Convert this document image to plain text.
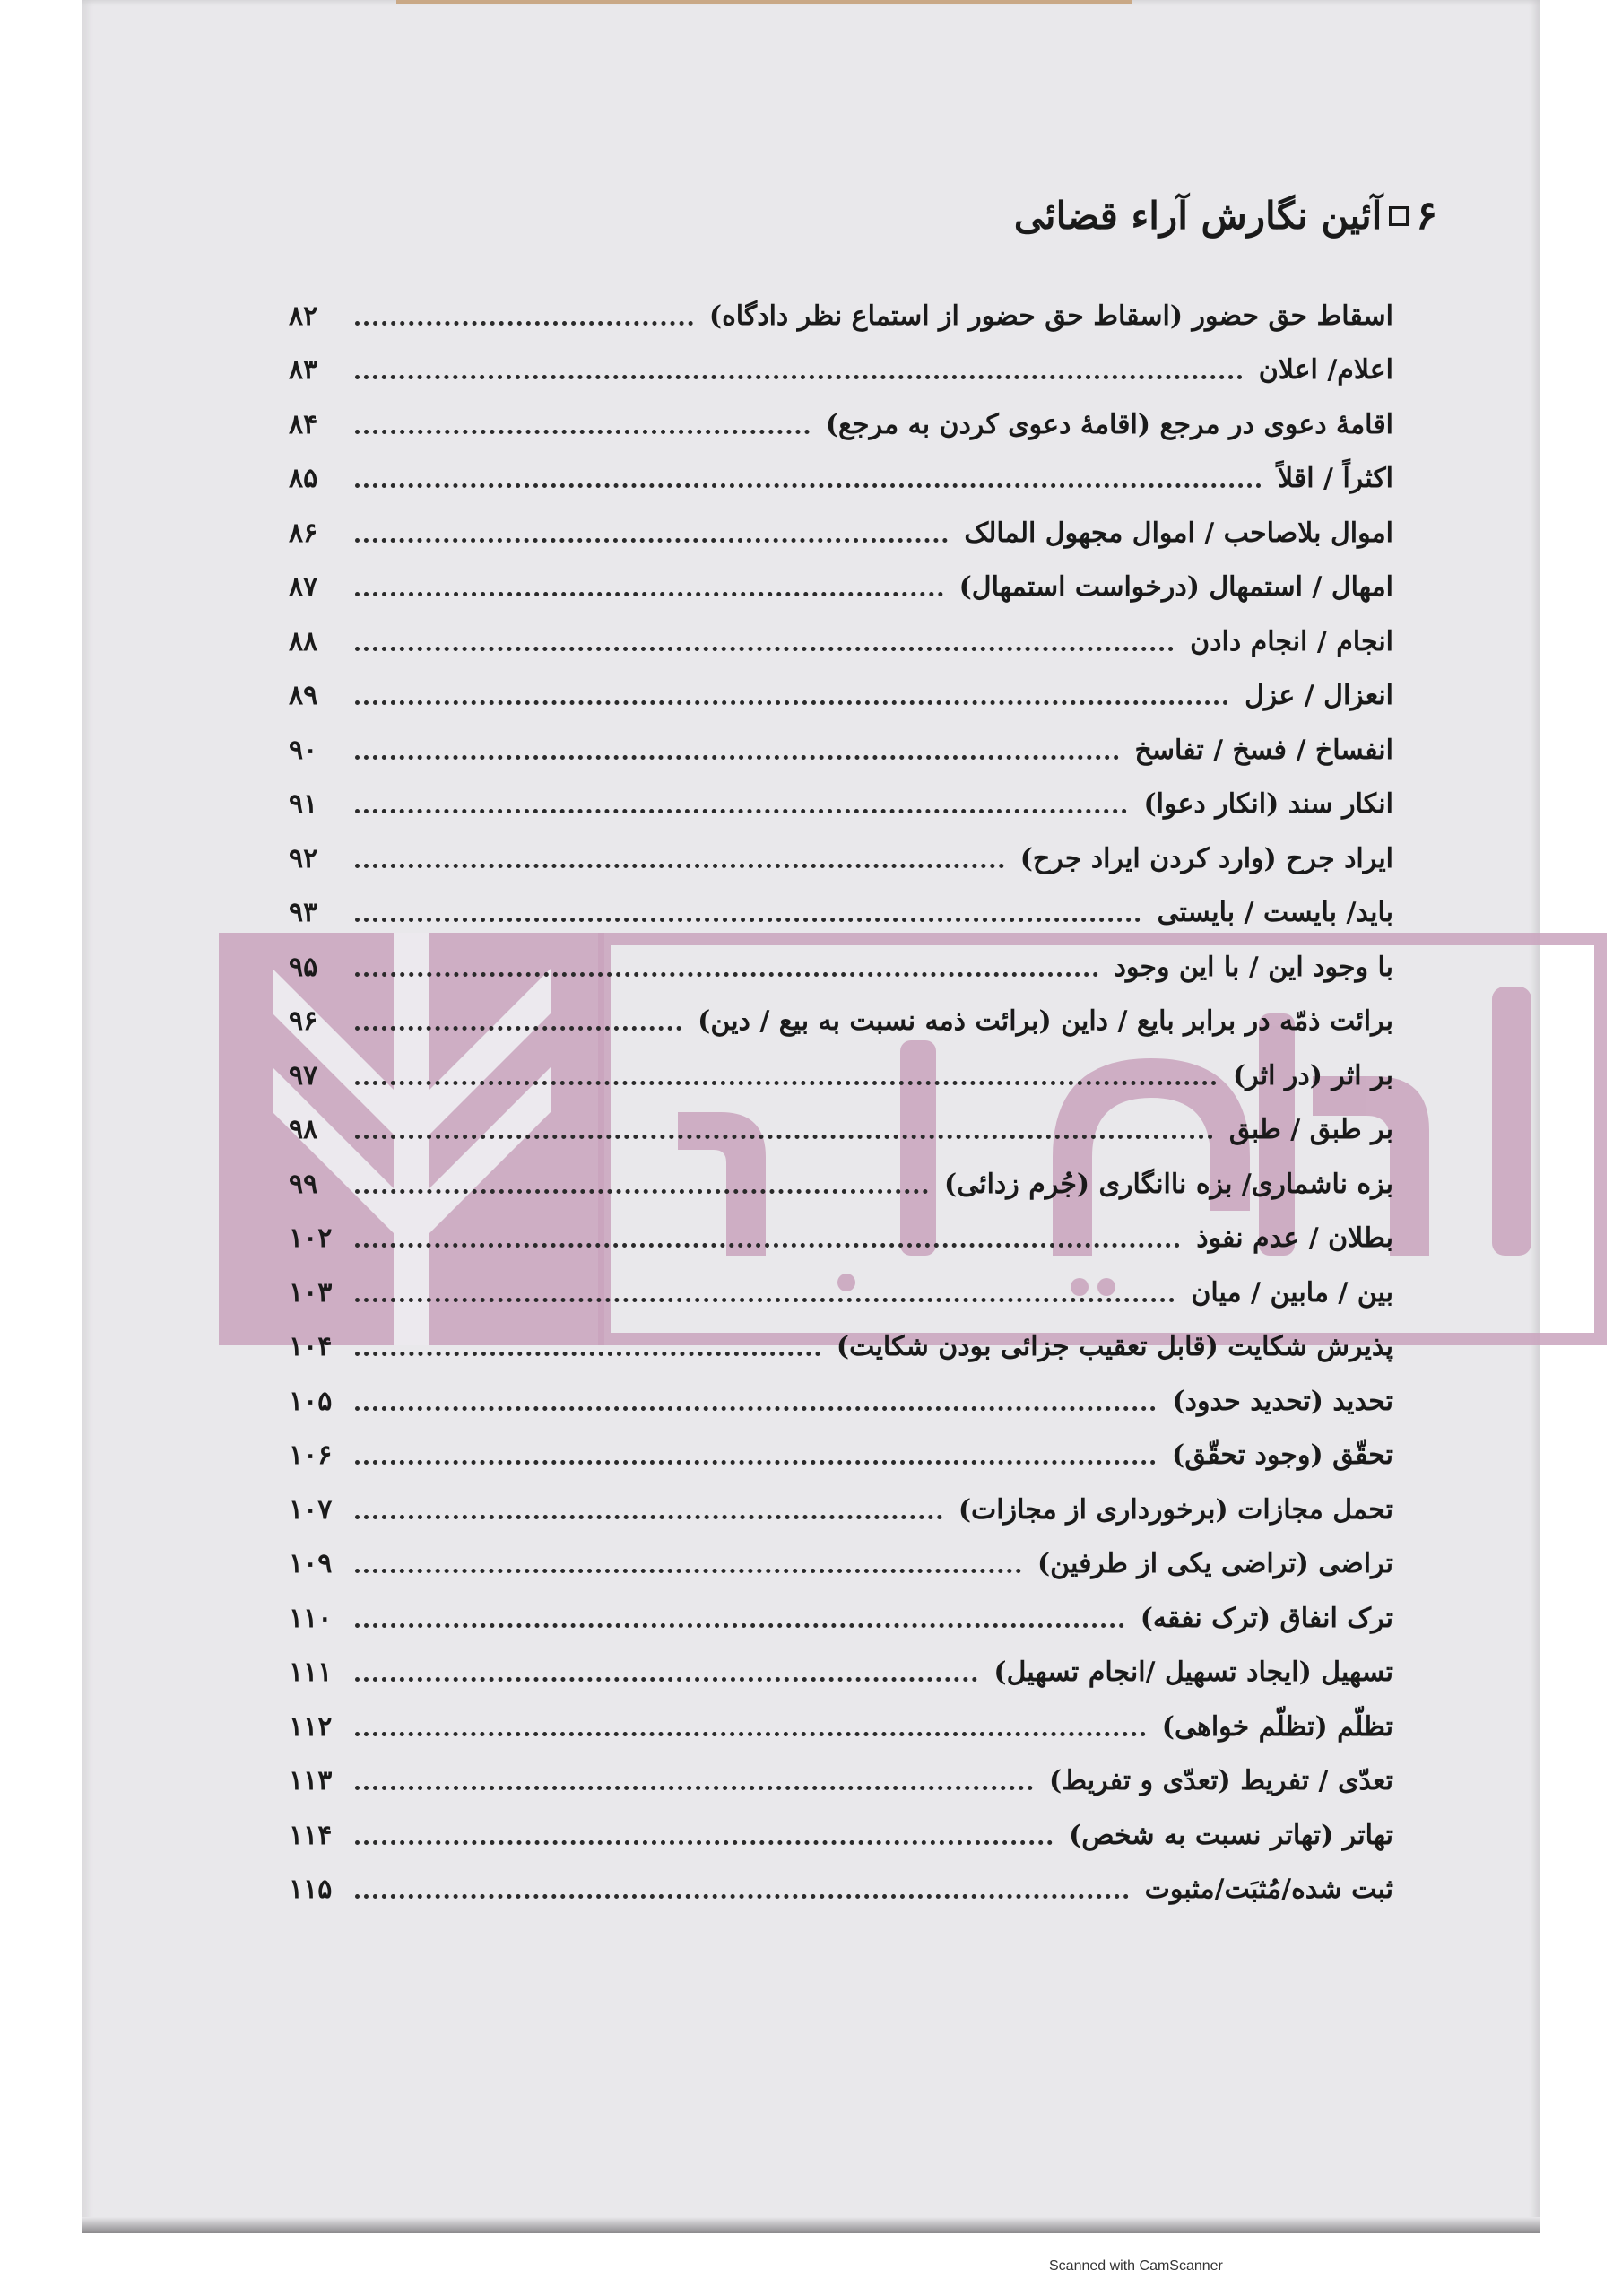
۶
آئین نگارش آراء قضائی
اسقاط حق حضور (اسقاط حق حضور از استماع نظر دادگاه)
۸۲
اعلام/ اعلان
۸۳
اقامۀ دعوی در مرجع (اقامۀ دعوی کردن به مرجع)
۸۴
اکثراً / اقلاً
۸۵
اموال بلاصاحب / اموال مجهول المالک
۸۶
امهال / استمهال (درخواست استمهال)
۸۷
انجام / انجام دادن
۸۸
انعزال / عزل
۸۹
انفساخ / فسخ / تفاسخ
۹۰
انکار سند (انکار دعوا)
۹۱
ایراد جرح (وارد کردن ایراد جرح)
۹۲
باید/ بایست / بایستی
۹۳
با وجود این / با این وجود
۹۵
برائت ذمّه در برابر بایع / داین (برائت ذمه نسبت به بیع / دین)
۹۶
بر اثر (در اثر)
۹۷
بر طبق / طبق
۹۸
بزه ناشماری/ بزه ناانگاری (جُرم زدائی)
۹۹
بطلان / عدم نفوذ
۱۰۲
بین / مابین / میان
۱۰۳
پذیرش شکایت (قابل تعقیب جزائی بودن شکایت)
۱۰۴
تحدید (تحدید حدود)
۱۰۵
تحقّق (وجود تحقّق)
۱۰۶
تحمل مجازات (برخورداری از مجازات)
۱۰۷
تراضی (تراضی یکی از طرفین)
۱۰۹
ترک انفاق (ترک نفقه)
۱۱۰
تسهیل (ایجاد تسهیل /انجام تسهیل)
۱۱۱
تظلّم (تظلّم خواهی)
۱۱۲
تعدّی / تفریط (تعدّی و تفریط)
۱۱۳
تهاتر (تهاتر نسبت به شخص)
۱۱۴
ثبت شده/مُثبَت/مثبوت
۱۱۵
Scanned with CamScanner
